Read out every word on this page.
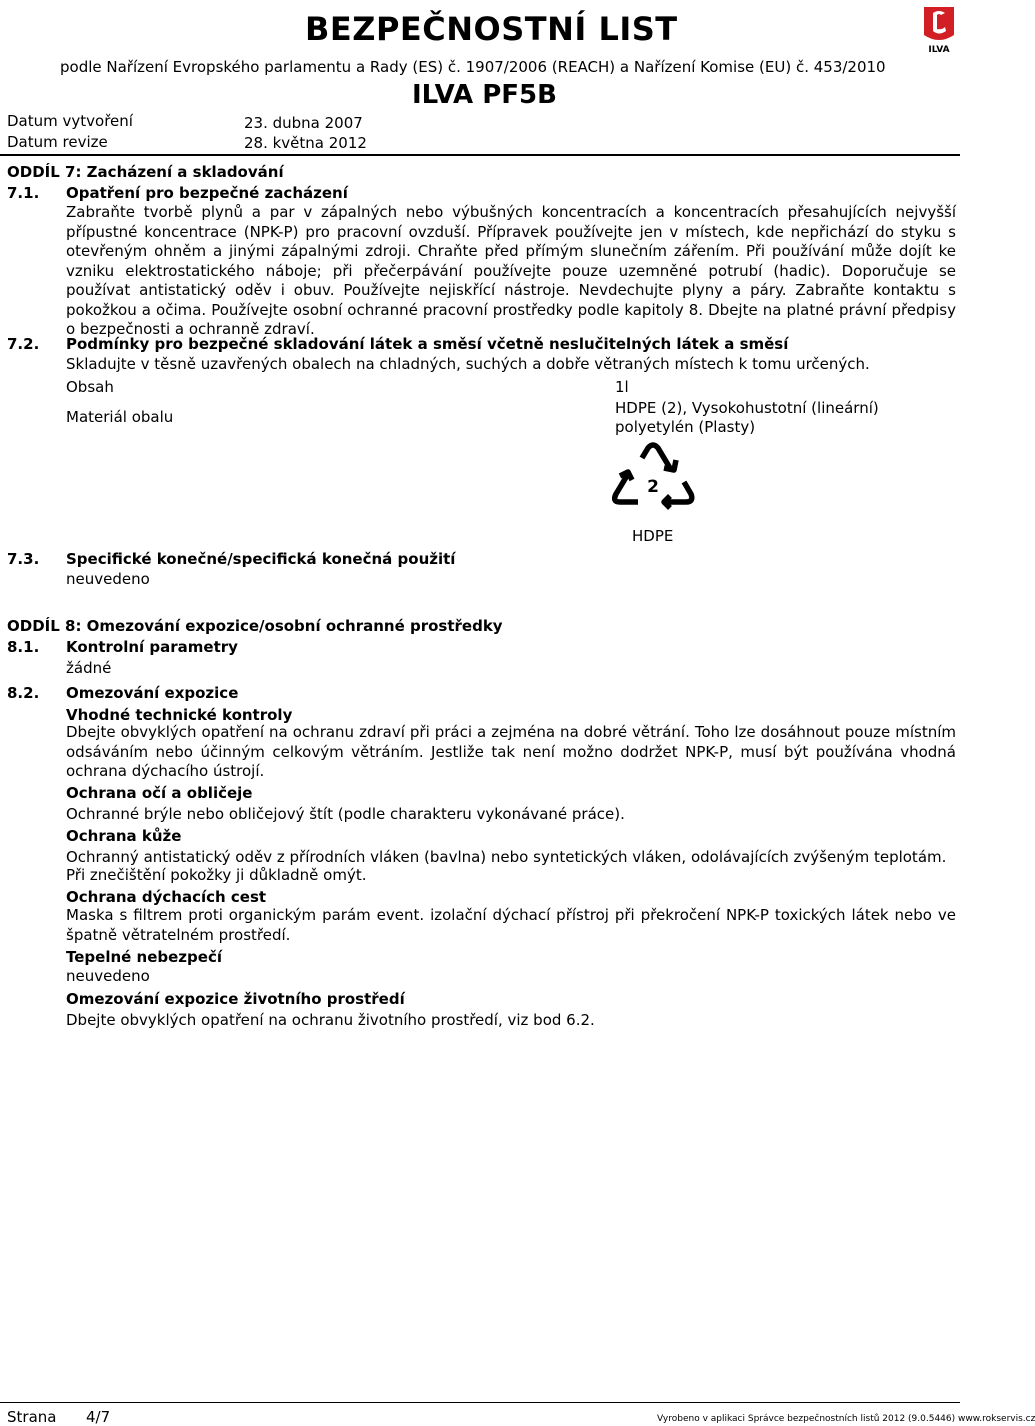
BEZPEČNOSTNÍ LIST
podle Nařízení Evropského parlamentu a Rady (ES) č. 1907/2006 (REACH) a Nařízení Komise (EU) č. 453/2010
ILVA PF5B
Datum vytvoření	23. dubna 2007
Datum revize	28. května 2012
ILVA
ODDÍL 7: Zacházení a skladování
7.1. Opatření pro bezpečné zacházení
Zabraňte tvorbě plynů a par v zápalných nebo výbušných koncentracích a koncentracích přesahujících nejvyšší
přípustné koncentrace (NPK-P) pro pracovní ovzduší. Přípravek používejte jen v místech, kde nepřichází do styku s
otevřeným ohněm a jinými zápalnými zdroji. Chraňte před přímým slunečním zářením. Při používání může dojít ke
vzniku elektrostatického náboje; při přečerpávání používejte pouze uzemněné potrubí (hadic). Doporučuje se
používat antistatický oděv i obuv. Používejte nejiskřící nástroje. Nevdechujte plyny a páry. Zabraňte kontaktu s
pokožkou a očima. Používejte osobní ochranné pracovní prostředky podle kapitoly 8. Dbejte na platné právní předpisy
o bezpečnosti a ochranně zdraví.
7.2. Podmínky pro bezpečné skladování látek a směsí včetně neslučitelných látek a směsí
Skladujte v těsně uzavřených obalech na chladných, suchých a dobře větraných místech k tomu určených.
Obsah	1l
Materiál obalu	HDPE (2), Vysokohustotní (lineární)
polyetylén (Plasty)
2
HDPE
7.3. Specifické konečné/specifická konečná použití
neuvedeno
ODDÍL 8: Omezování expozice/osobní ochranné prostředky
8.1. Kontrolní parametry
žádné
8.2. Omezování expozice
Vhodné technické kontroly
Dbejte obvyklých opatření na ochranu zdraví při práci a zejména na dobré větrání. Toho lze dosáhnout pouze místním
odsáváním nebo účinným celkovým větráním. Jestliže tak není možno dodržet NPK-P, musí být používána vhodná
ochrana dýchacího ústrojí.
Ochrana očí a obličeje
Ochranné brýle nebo obličejový štít (podle charakteru vykonávané práce).
Ochrana kůže
Ochranný antistatický oděv z přírodních vláken (bavlna) nebo syntetických vláken, odolávajících zvýšeným teplotám.
Při znečištění pokožky ji důkladně omýt.
Ochrana dýchacích cest
Maska s filtrem proti organickým parám event. izolační dýchací přístroj při překročení NPK-P toxických látek nebo ve
špatně větratelném prostředí.
Tepelné nebezpečí
neuvedeno
Omezování expozice životního prostředí
Dbejte obvyklých opatření na ochranu životního prostředí, viz bod 6.2.
Strana 4/7	Vyrobeno v aplikaci Správce bezpečnostních listů 2012 (9.0.5446) www.rokservis.cz
